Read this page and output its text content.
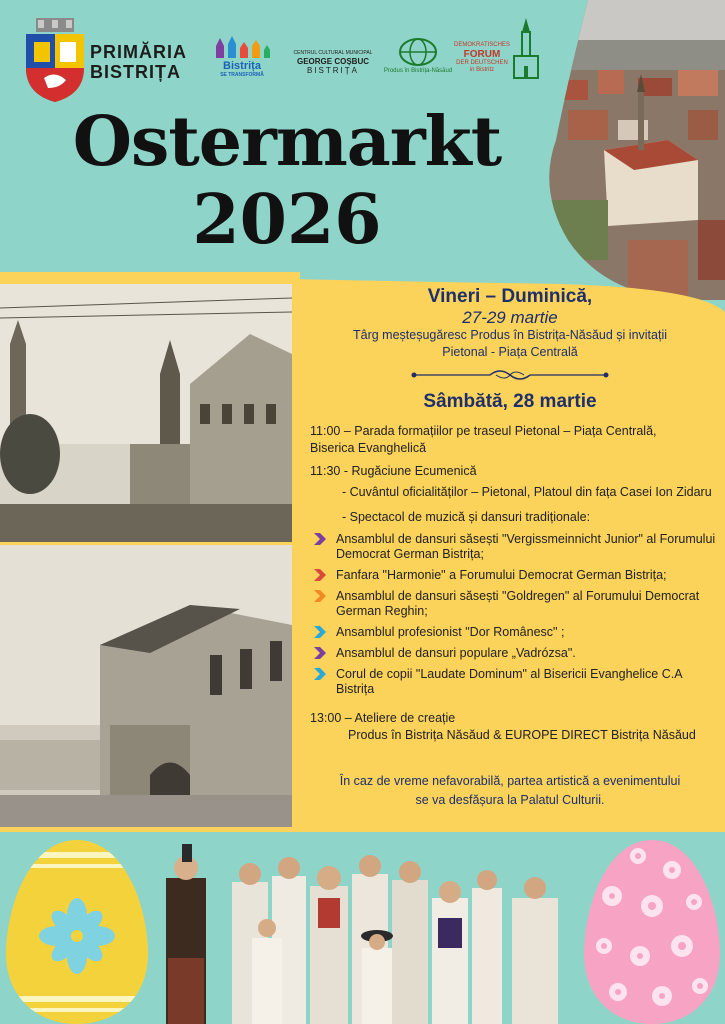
PRIMĂRIA
BISTRIȚA	Bistrița
SE TRANSFORMĂ
CENTRUL CULTURAL MUNICIPAL
GEORGE COȘBUC
BISTRIȚA	Produs în Bistrița-Năsăud
DEMOKRATISCHES
FORUM
DER DEUTSCHEN
in Bistritz
Ostermarkt
2026
Vineri – Duminică,
27-29 martie
Târg meșteșugăresc Produs în Bistrița-Năsăud și invitații
Pietonal - Piața Centrală
Sâmbătă, 28 martie
11:00 – Parada formațiilor pe traseul Pietonal – Piața Centrală,
Biserica Evanghelică
11:30 - Rugăciune Ecumenică
- Cuvântul oficialităților – Pietonal, Platoul din fața Casei Ion Zidaru
- Spectacol de muzică și dansuri tradiționale:
Ansamblul de dansuri săsești "Vergissmeinnicht Junior" al Forumului Democrat German Bistrița;
Fanfara "Harmonie" a Forumului Democrat German Bistrița;
Ansamblul de dansuri săsești "Goldregen" al Forumului Democrat German Reghin;
Ansamblul profesionist "Dor Românesc" ;
Ansamblul de dansuri populare „Vadrózsa".
Corul de copii "Laudate Dominum" al Bisericii Evanghelice C.A Bistrița
13:00 – Ateliere de creație
Produs în Bistrița Năsăud & EUROPE DIRECT Bistrița Năsăud
În caz de vreme nefavorabilă, partea artistică a evenimentului
se va desfășura la Palatul Culturii.
